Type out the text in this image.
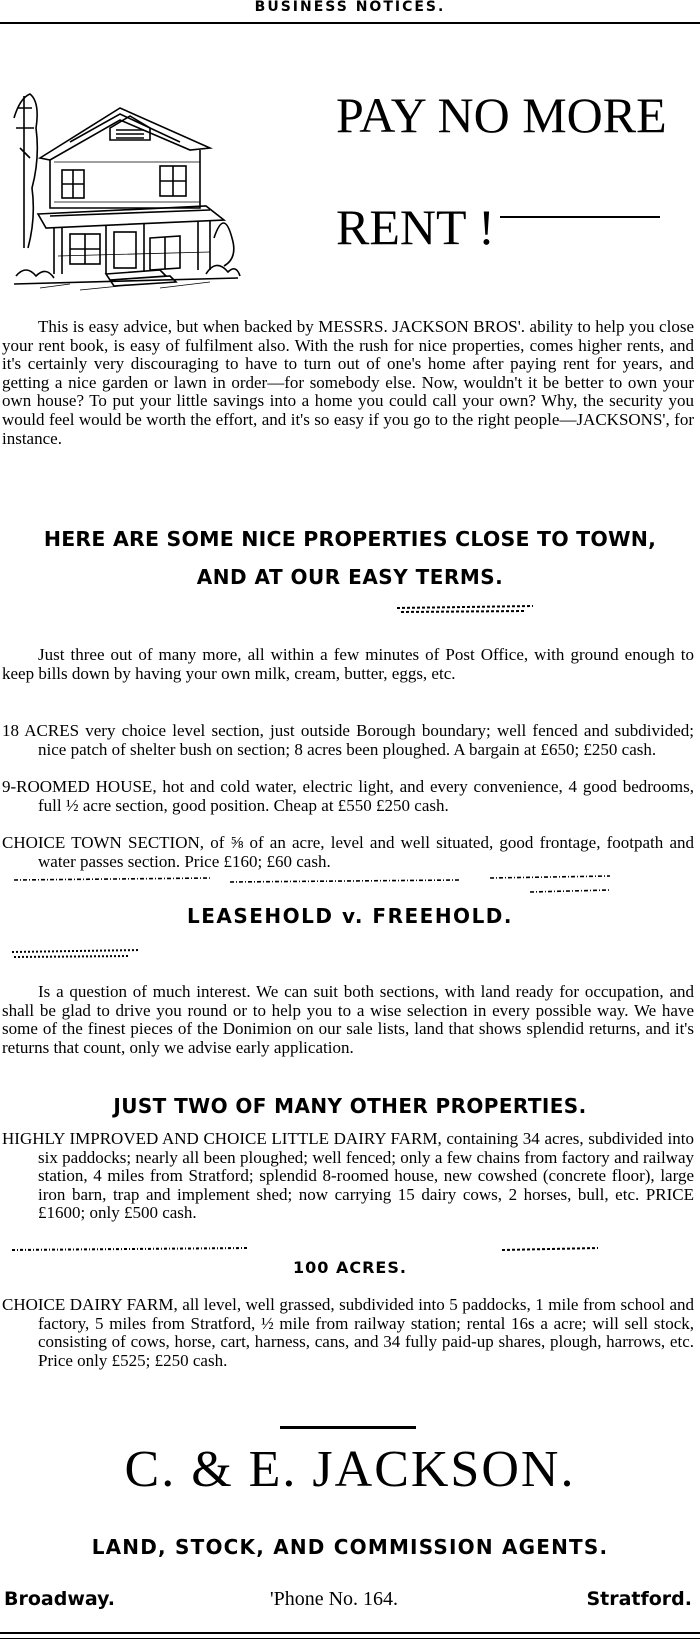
BUSINESS NOTICES.
PAY NO MORE
RENT !
This is easy advice, but when backed by MESSRS. JACKSON BROS'. ability to help you close your rent book, is easy of fulfilment also. With the rush for nice properties, comes higher rents, and it's certainly very discouraging to have to turn out of one's home after paying rent for years, and getting a nice garden or lawn in order—for somebody else. Now, wouldn't it be better to own your own house? To put your little savings into a home you could call your own? Why, the security you would feel would be worth the effort, and it's so easy if you go to the right people—JACKSONS', for instance.
HERE ARE SOME NICE PROPERTIES CLOSE TO TOWN,
AND AT OUR EASY TERMS.
Just three out of many more, all within a few minutes of Post Office, with ground enough to keep bills down by having your own milk, cream, butter, eggs, etc.
18 ACRES very choice level section, just outside Borough boundary; well fenced and subdivided; nice patch of shelter bush on section; 8 acres been ploughed. A bargain at £650; £250 cash.
9-ROOMED HOUSE, hot and cold water, electric light, and every convenience, 4 good bedrooms, full ½ acre section, good position. Cheap at £550 £250 cash.
CHOICE TOWN SECTION, of ⅝ of an acre, level and well situated, good frontage, footpath and water passes section. Price £160; £60 cash.
LEASEHOLD v. FREEHOLD.
Is a question of much interest. We can suit both sections, with land ready for occupation, and shall be glad to drive you round or to help you to a wise selection in every possible way. We have some of the finest pieces of the Donimion on our sale lists, land that shows splendid returns, and it's returns that count, only we advise early application.
JUST TWO OF MANY OTHER PROPERTIES.
HIGHLY IMPROVED AND CHOICE LITTLE DAIRY FARM, containing 34 acres, subdivided into six paddocks; nearly all been ploughed; well fenced; only a few chains from factory and railway station, 4 miles from Stratford; splendid 8-roomed house, new cowshed (concrete floor), large iron barn, trap and implement shed; now carrying 15 dairy cows, 2 horses, bull, etc. PRICE £1600; only £500 cash.
100 ACRES.
CHOICE DAIRY FARM, all level, well grassed, subdivided into 5 paddocks, 1 mile from school and factory, 5 miles from Stratford, ½ mile from railway station; rental 16s a acre; will sell stock, consisting of cows, horse, cart, harness, cans, and 34 fully paid-up shares, plough, harrows, etc. Price only £525; £250 cash.
C. & E. JACKSON.
LAND, STOCK, AND COMMISSION AGENTS.
Broadway.	'Phone No. 164.	Stratford.
